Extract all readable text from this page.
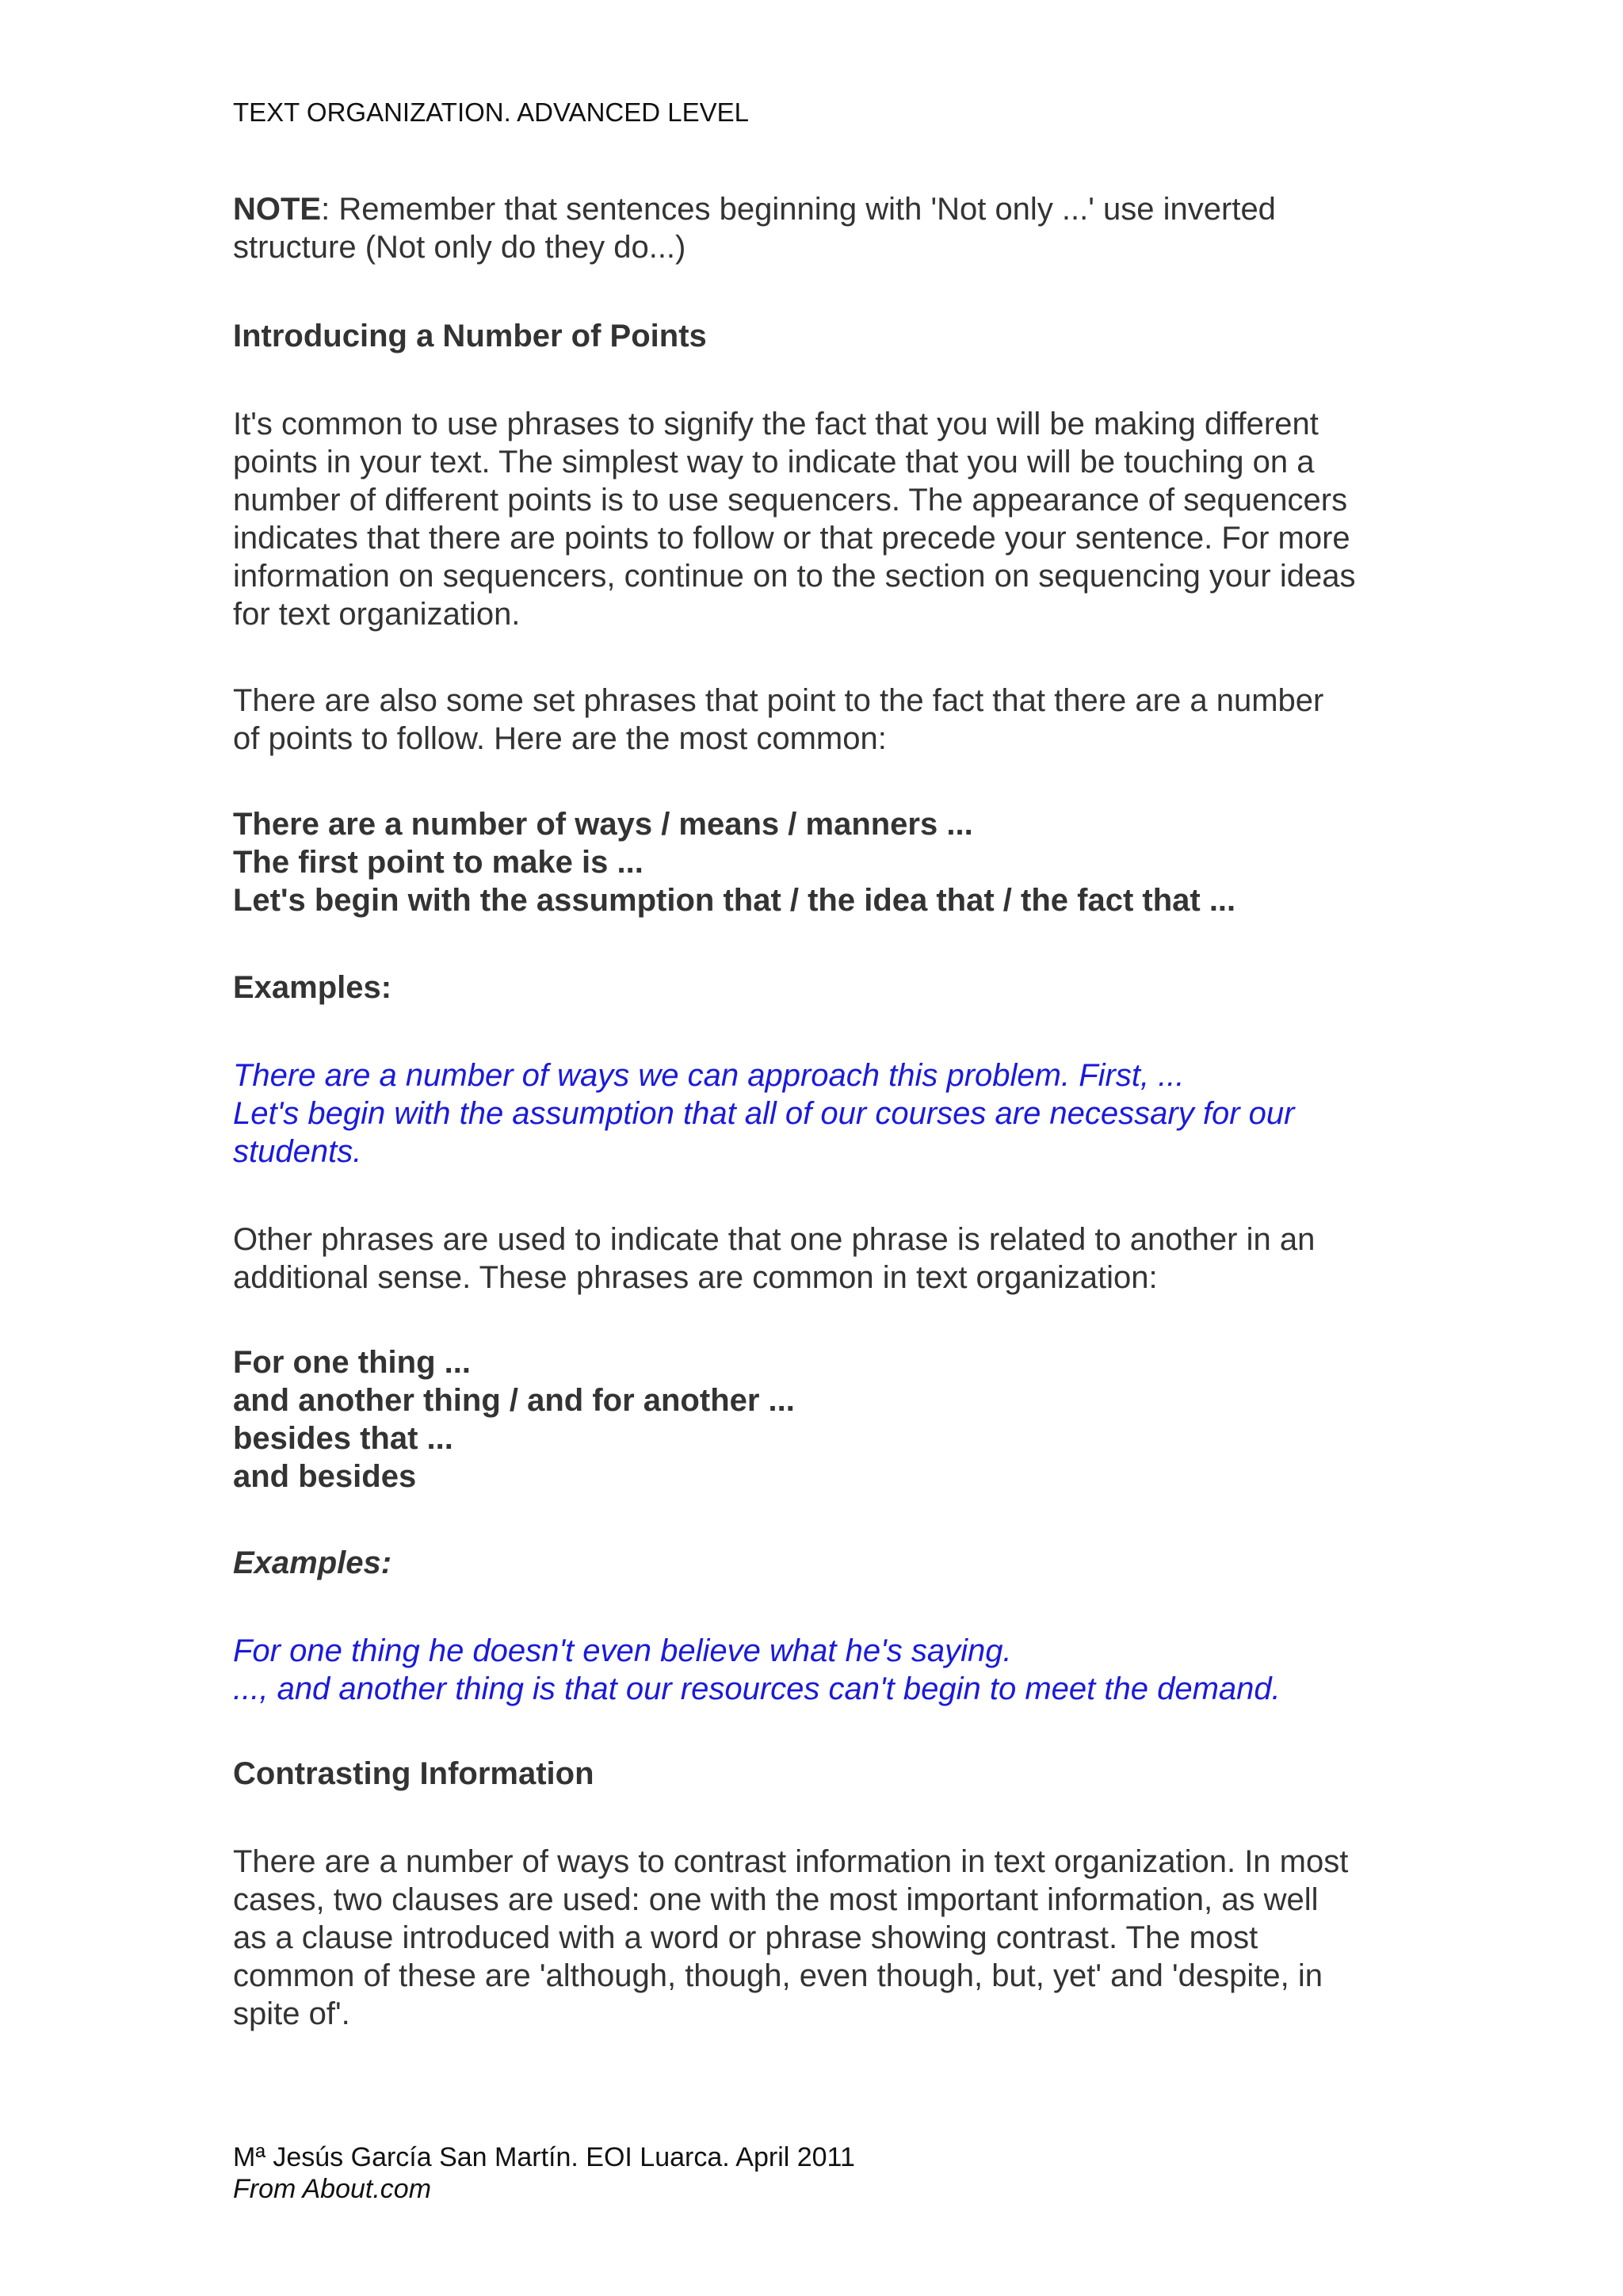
TEXT ORGANIZATION. ADVANCED LEVEL
NOTE: Remember that sentences beginning with 'Not only ...' use inverted
structure (Not only do they do...)
Introducing a Number of Points
It's common to use phrases to signify the fact that you will be making different
points in your text. The simplest way to indicate that you will be touching on a
number of different points is to use sequencers. The appearance of sequencers
indicates that there are points to follow or that precede your sentence. For more
information on sequencers, continue on to the section on sequencing your ideas
for text organization.
There are also some set phrases that point to the fact that there are a number
of points to follow. Here are the most common:
There are a number of ways / means / manners ...
The first point to make is ...
Let's begin with the assumption that / the idea that / the fact that ...
Examples:
There are a number of ways we can approach this problem. First, ...
Let's begin with the assumption that all of our courses are necessary for our
students.
Other phrases are used to indicate that one phrase is related to another in an
additional sense. These phrases are common in text organization:
For one thing ...
and another thing / and for another ...
besides that ...
and besides
Examples:
For one thing he doesn't even believe what he's saying.
..., and another thing is that our resources can't begin to meet the demand.
Contrasting Information
There are a number of ways to contrast information in text organization. In most
cases, two clauses are used: one with the most important information, as well
as a clause introduced with a word or phrase showing contrast. The most
common of these are 'although, though, even though, but, yet' and 'despite, in
spite of'.
Mª Jesús García San Martín. EOI Luarca. April 2011
From About.com
